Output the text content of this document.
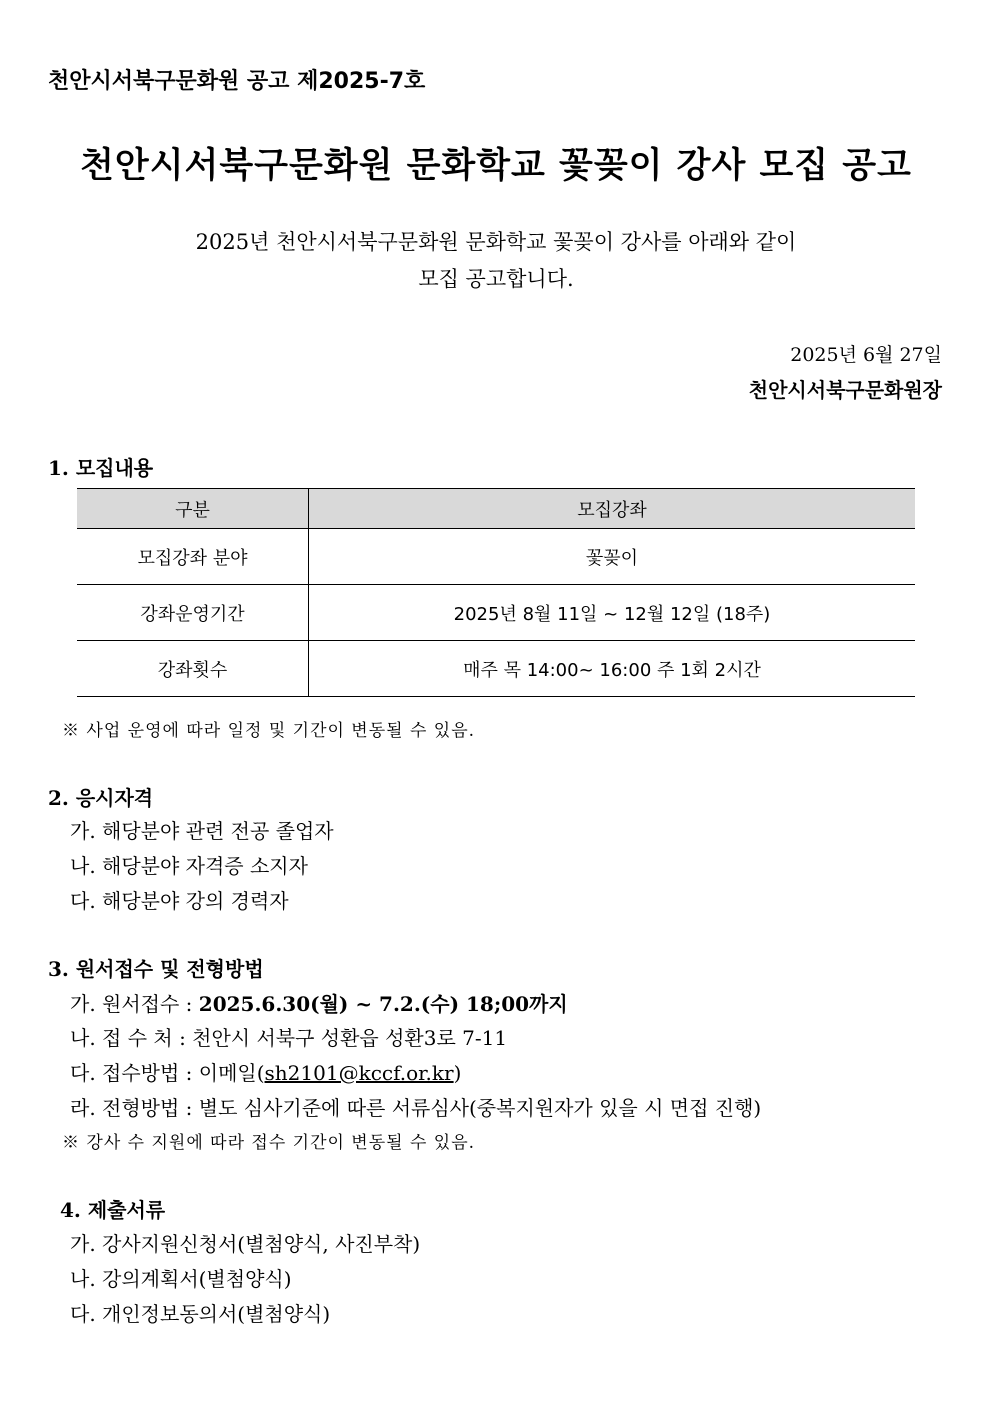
천안시서북구문화원 공고 제2025-7호
천안시서북구문화원 문화학교 꽃꽂이 강사 모집 공고
2025년 천안시서북구문화원 문화학교 꽃꽂이 강사를 아래와 같이
모집 공고합니다.
2025년 6월 27일
천안시서북구문화원장
1. 모집내용
구분	모집강좌
모집강좌 분야	꽃꽂이
강좌운영기간	2025년 8월 11일 ~ 12월 12일 (18주)
강좌횟수	매주 목 14:00~ 16:00 주 1회 2시간
※ 사업 운영에 따라 일정 및 기간이 변동될 수 있음.
2. 응시자격
가. 해당분야 관련 전공 졸업자
나. 해당분야 자격증 소지자
다. 해당분야 강의 경력자
3. 원서접수 및 전형방법
가. 원서접수 : 2025.6.30(월) ~ 7.2.(수) 18;00까지
나. 접 수 처 : 천안시 서북구 성환읍 성환3로 7-11
다. 접수방법 : 이메일(sh2101@kccf.or.kr)
라. 전형방법 : 별도 심사기준에 따른 서류심사(중복지원자가 있을 시 면접 진행)
※ 강사 수 지원에 따라 접수 기간이 변동될 수 있음.
4. 제출서류
가. 강사지원신청서(별첨양식, 사진부착)
나. 강의계획서(별첨양식)
다. 개인정보동의서(별첨양식)
